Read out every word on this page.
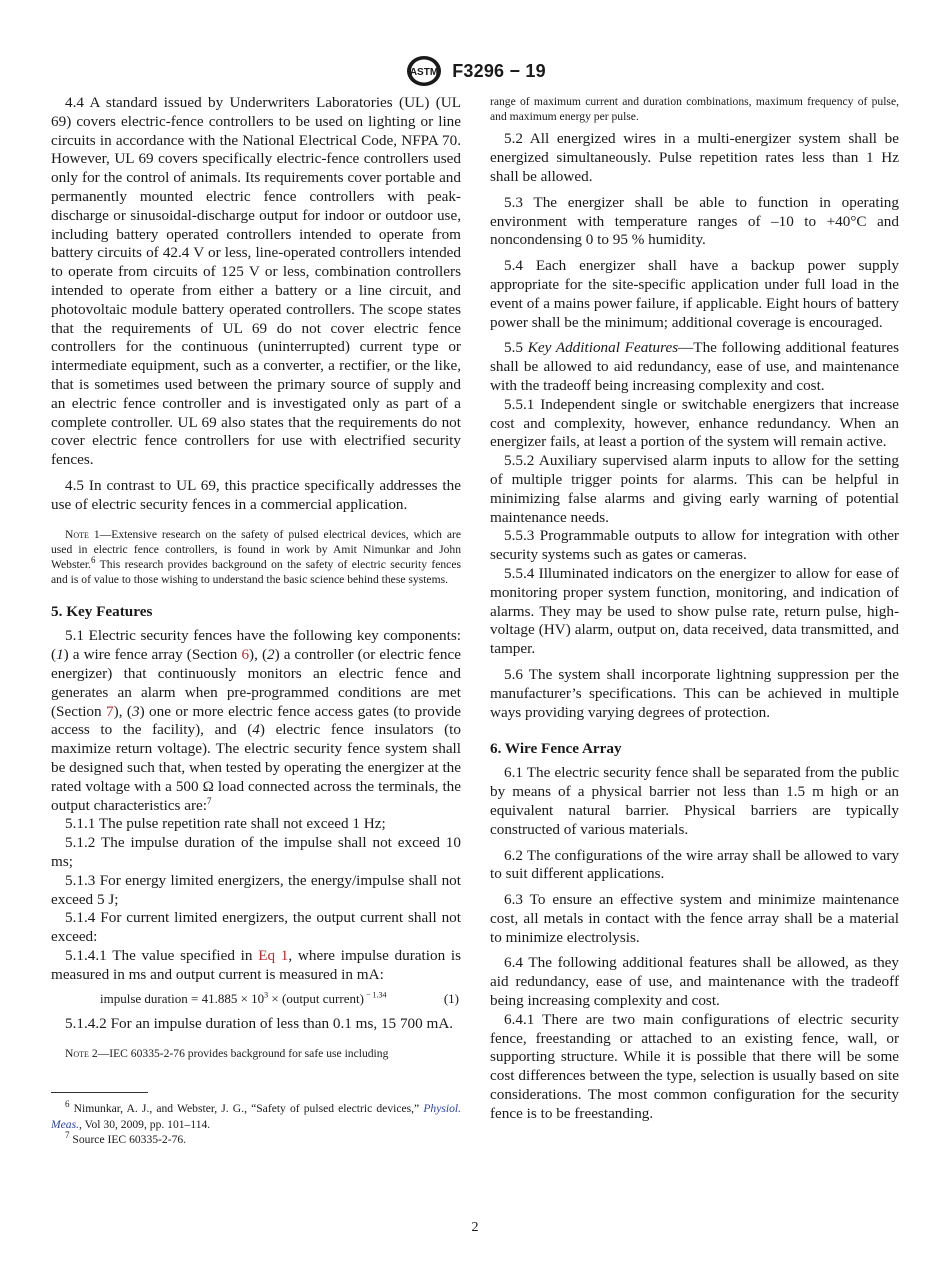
ASTM F3296 − 19

4.4 A standard issued by Underwriters Laboratories (UL) (UL 69) covers electric-fence controllers to be used on lighting or line circuits in accordance with the National Electrical Code, NFPA 70. However, UL 69 covers specifically electric-fence controllers used only for the control of animals. Its requirements cover portable and permanently mounted electric fence controllers with peak-discharge or sinusoidal-discharge output for indoor or outdoor use, including battery operated controllers intended to operate from battery circuits of 42.4 V or less, line-operated controllers intended to operate from circuits of 125 V or less, combination controllers intended to operate from either a battery or a line circuit, and photovoltaic module battery operated controllers. The scope states that the requirements of UL 69 do not cover electric fence controllers for the continuous (uninterrupted) current type or intermediate equipment, such as a converter, a rectifier, or the like, that is sometimes used between the primary source of supply and an electric fence controller and is investigated only as part of a complete controller. UL 69 also states that the requirements do not cover electric fence controllers for use with electrified security fences.

4.5 In contrast to UL 69, this practice specifically addresses the use of electric security fences in a commercial application.

Note 1—Extensive research on the safety of pulsed electrical devices, which are used in electric fence controllers, is found in work by Amit Nimunkar and John Webster.$^6$ This research provides background on the safety of electric security fences and is of value to those wishing to understand the basic science behind these systems.

5. Key Features

5.1 Electric security fences have the following key components: (1) a wire fence array (Section 6), (2) a controller (or electric fence energizer) that continuously monitors an electric fence and generates an alarm when pre-programmed conditions are met (Section 7), (3) one or more electric fence access gates (to provide access to the facility), and (4) electric fence insulators (to maximize return voltage). The electric security fence system shall be designed such that, when tested by operating the energizer at the rated voltage with a 500 Ω load connected across the terminals, the output characteristics are:$^7$

5.1.1 The pulse repetition rate shall not exceed 1 Hz;

5.1.2 The impulse duration of the impulse shall not exceed 10 ms;

5.1.3 For energy limited energizers, the energy/impulse shall not exceed 5 J;

5.1.4 For current limited energizers, the output current shall not exceed:

5.1.4.1 The value specified in Eq 1, where impulse duration is measured in ms and output current is measured in mA:

impulse duration = $41.885 \times 10^3$ × (output current) $^{- 1.34}$	(1)

5.1.4.2 For an impulse duration of less than 0.1 ms, 15 700 mA.

Note 2—IEC 60335-2-76 provides background for safe use including

$^6$ Nimunkar, A. J., and Webster, J. G., “Safety of pulsed electric devices,” Physiol. Meas., Vol 30, 2009, pp. 101–114.

$^7$ Source IEC 60335-2-76.

range of maximum current and duration combinations, maximum frequency of pulse, and maximum energy per pulse.

5.2 All energized wires in a multi-energizer system shall be energized simultaneously. Pulse repetition rates less than 1 Hz shall be allowed.

5.3 The energizer shall be able to function in operating environment with temperature ranges of –10 to +40°C and noncondensing 0 to 95 % humidity.

5.4 Each energizer shall have a backup power supply appropriate for the site-specific application under full load in the event of a mains power failure, if applicable. Eight hours of battery power shall be the minimum; additional coverage is encouraged.

5.5 Key Additional Features—The following additional features shall be allowed to aid redundancy, ease of use, and maintenance with the tradeoff being increasing complexity and cost.

5.5.1 Independent single or switchable energizers that increase cost and complexity, however, enhance redundancy. When an energizer fails, at least a portion of the system will remain active.

5.5.2 Auxiliary supervised alarm inputs to allow for the setting of multiple trigger points for alarms. This can be helpful in minimizing false alarms and giving early warning of potential maintenance needs.

5.5.3 Programmable outputs to allow for integration with other security systems such as gates or cameras.

5.5.4 Illuminated indicators on the energizer to allow for ease of monitoring proper system function, monitoring, and indication of alarms. They may be used to show pulse rate, return pulse, high-voltage (HV) alarm, output on, data received, data transmitted, and tamper.

5.6 The system shall incorporate lightning suppression per the manufacturer’s specifications. This can be achieved in multiple ways providing varying degrees of protection.

6. Wire Fence Array

6.1 The electric security fence shall be separated from the public by means of a physical barrier not less than 1.5 m high or an equivalent natural barrier. Physical barriers are typically constructed of various materials.

6.2 The configurations of the wire array shall be allowed to vary to suit different applications.

6.3 To ensure an effective system and minimize maintenance cost, all metals in contact with the fence array shall be a material to minimize electrolysis.

6.4 The following additional features shall be allowed, as they aid redundancy, ease of use, and maintenance with the tradeoff being increasing complexity and cost.

6.4.1 There are two main configurations of electric security fence, freestanding or attached to an existing fence, wall, or supporting structure. While it is possible that there will be some cost differences between the type, selection is usually based on site considerations. The most common configuration for the security fence is to be freestanding.

2
